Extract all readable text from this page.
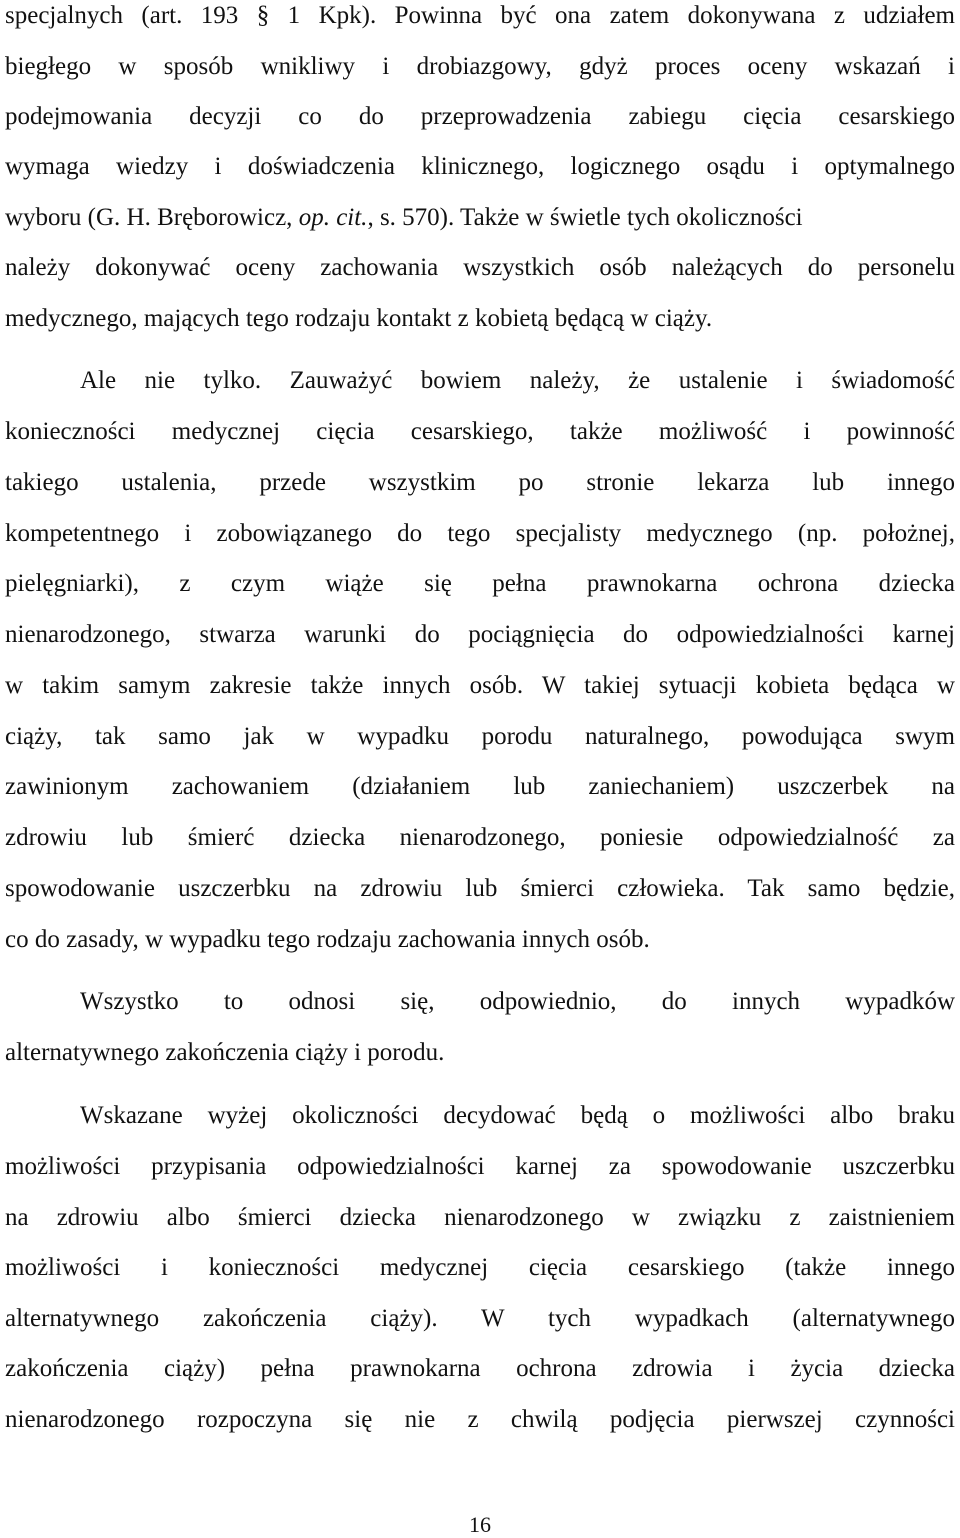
specjalnych (art. 193 § 1 Kpk). Powinna być ona zatem dokonywana z udziałem
biegłego w sposób wnikliwy i drobiazgowy, gdyż proces oceny wskazań i
podejmowania decyzji co do przeprowadzenia zabiegu cięcia cesarskiego
wymaga wiedzy i doświadczenia klinicznego, logicznego osądu i optymalnego
wyboru (G. H. Bręborowicz, op. cit., s. 570). Także w świetle tych okoliczności
należy dokonywać oceny zachowania wszystkich osób należących do personelu
medycznego, mających tego rodzaju kontakt z kobietą będącą w ciąży.
Ale nie tylko. Zauważyć bowiem należy, że ustalenie i świadomość
konieczności medycznej cięcia cesarskiego, także możliwość i powinność
takiego ustalenia, przede wszystkim po stronie lekarza lub innego
kompetentnego i zobowiązanego do tego specjalisty medycznego (np. położnej,
pielęgniarki), z czym wiąże się pełna prawnokarna ochrona dziecka
nienarodzonego, stwarza warunki do pociągnięcia do odpowiedzialności karnej
w takim samym zakresie także innych osób. W takiej sytuacji kobieta będąca w
ciąży, tak samo jak w wypadku porodu naturalnego, powodująca swym
zawinionym zachowaniem (działaniem lub zaniechaniem) uszczerbek na
zdrowiu lub śmierć dziecka nienarodzonego, poniesie odpowiedzialność za
spowodowanie uszczerbku na zdrowiu lub śmierci człowieka. Tak samo będzie,
co do zasady, w wypadku tego rodzaju zachowania innych osób.
Wszystko to odnosi się, odpowiednio, do innych wypadków
alternatywnego zakończenia ciąży i porodu.
Wskazane wyżej okoliczności decydować będą o możliwości albo braku
możliwości przypisania odpowiedzialności karnej za spowodowanie uszczerbku
na zdrowiu albo śmierci dziecka nienarodzonego w związku z zaistnieniem
możliwości i konieczności medycznej cięcia cesarskiego (także innego
alternatywnego zakończenia ciąży). W tych wypadkach (alternatywnego
zakończenia ciąży) pełna prawnokarna ochrona zdrowia i życia dziecka
nienarodzonego rozpoczyna się nie z chwilą podjęcia pierwszej czynności
16
